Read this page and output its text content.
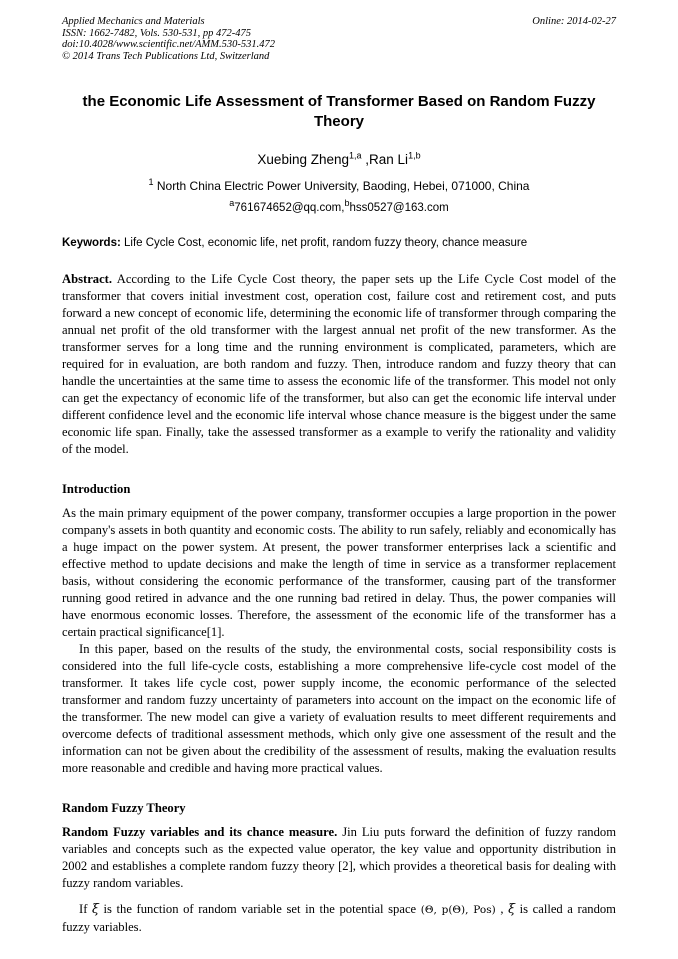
Applied Mechanics and Materials
ISSN: 1662-7482, Vols. 530-531, pp 472-475
doi:10.4028/www.scientific.net/AMM.530-531.472
© 2014 Trans Tech Publications Ltd, Switzerland
Online: 2014-02-27
the Economic Life Assessment of Transformer Based on Random Fuzzy Theory
Xuebing Zheng$^{1,a}$ ,Ran Li$^{1,b}$
$^1$ North China Electric Power University, Baoding, Hebei, 071000, China
$^a$761674652@qq.com,$^b$hss0527@163.com
Keywords: Life Cycle Cost, economic life, net profit, random fuzzy theory, chance measure

Abstract. According to the Life Cycle Cost theory, the paper sets up the Life Cycle Cost model of the transformer that covers initial investment cost, operation cost, failure cost and retirement cost, and puts forward a new concept of economic life, determining the economic life of transformer through comparing the annual net profit of the old transformer with the largest annual net profit of the new transformer. As the transformer serves for a long time and the running environment is complicated, parameters, which are required for in evaluation, are both random and fuzzy. Then, introduce random and fuzzy theory that can handle the uncertainties at the same time to assess the economic life of the transformer. This model not only can get the expectancy of economic life of the transformer, but also can get the economic life interval under different confidence level and the economic life interval whose chance measure is the biggest under the same economic life span. Finally, take the assessed transformer as a example to verify the rationality and validity of the model.

Introduction

As the main primary equipment of the power company, transformer occupies a large proportion in the power company's assets in both quantity and economic costs. The ability to run safely, reliably and economically has a huge impact on the power system. At present, the power transformer enterprises lack a scientific and effective method to update decisions and make the length of time in service as a transformer replacement basis, without considering the economic performance of the transformer, causing part of the transformer running good retired in advance and the one running bad retired in delay. Thus, the power companies will have enormous economic losses. Therefore, the assessment of the economic life of the transformer has a certain practical significance[1].

In this paper, based on the results of the study, the environmental costs, social responsibility costs is considered into the full life-cycle costs, establishing a more comprehensive life-cycle cost model of the transformer. It takes life cycle cost, power supply income, the economic performance of the selected transformer and random fuzzy uncertainty of parameters into account on the impact on the economic life of the transformer. The new model can give a variety of evaluation results to meet different requirements and overcome defects of traditional assessment methods, which only give one assessment of the result and the information can not be given about the credibility of the assessment of results, making the evaluation results more reasonable and credible and having more practical values.

Random Fuzzy Theory

Random Fuzzy variables and its chance measure. Jin Liu puts forward the definition of fuzzy random variables and concepts such as the expected value operator, the key value and opportunity distribution in 2002 and establishes a complete random fuzzy theory [2], which provides a theoretical basis for dealing with fuzzy random variables.

If ξ is the function of random variable set in the potential space (Θ, p(Θ), Pos) , ξ is called a random fuzzy variables.
